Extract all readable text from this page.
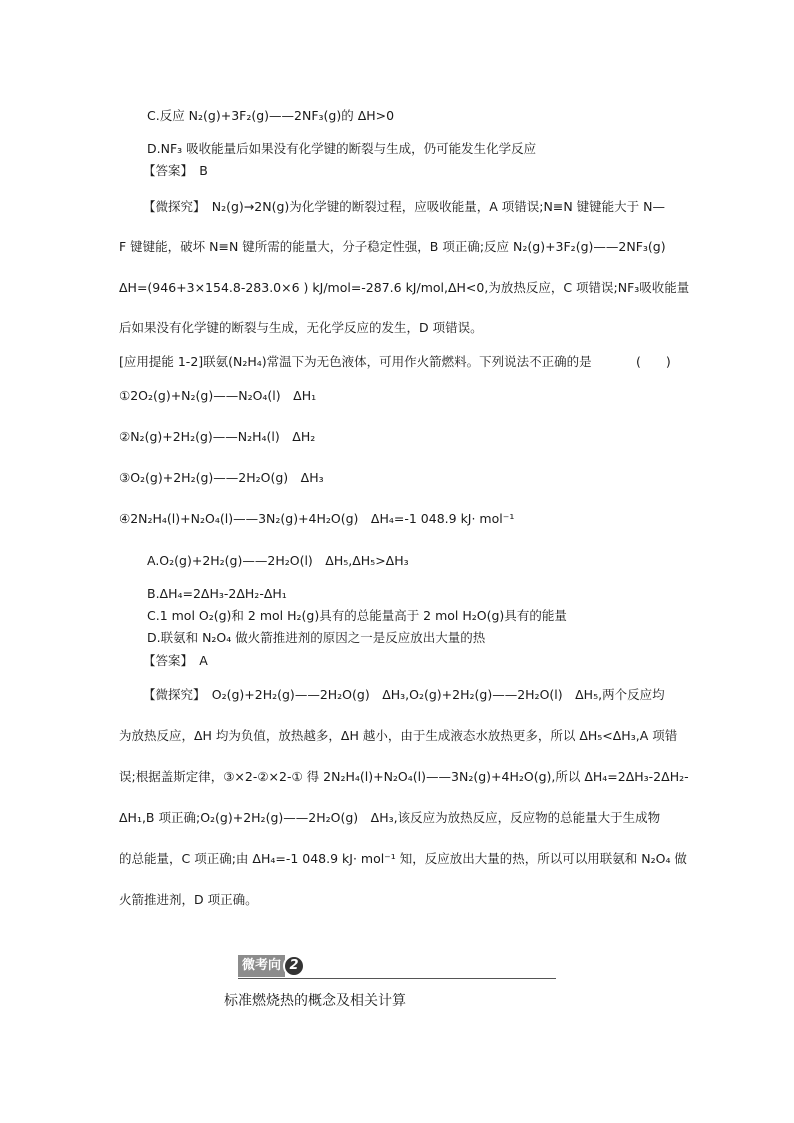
C.反应 N₂(g)+3F₂(g)——2NF₃(g)的 ΔH>0
D.NF₃ 吸收能量后如果没有化学键的断裂与生成，仍可能发生化学反应
【答案】　B
【微探究】　N₂(g)→2N(g)为化学键的断裂过程，应吸收能量，A 项错误;N≡N 键键能大于 N—
F 键键能，破坏 N≡N 键所需的能量大，分子稳定性强，B 项正确;反应 N₂(g)+3F₂(g)——2NF₃(g)
ΔH=(946+3×154.8-283.0×6 ) kJ/mol=-287.6 kJ/mol,ΔH<0,为放热反应，C 项错误;NF₃吸收能量
后如果没有化学键的断裂与生成，无化学反应的发生，D 项错误。
[应用提能 1-2]联氨(N₂H₄)常温下为无色液体，可用作火箭燃料。下列说法不正确的是	(　　)
①2O₂(g)+N₂(g)——N₂O₄(l)　ΔH₁
②N₂(g)+2H₂(g)——N₂H₄(l)　ΔH₂
③O₂(g)+2H₂(g)——2H₂O(g)　ΔH₃
④2N₂H₄(l)+N₂O₄(l)——3N₂(g)+4H₂O(g)　ΔH₄=-1 048.9 kJ· mol⁻¹
A.O₂(g)+2H₂(g)——2H₂O(l)　ΔH₅,ΔH₅>ΔH₃
B.ΔH₄=2ΔH₃-2ΔH₂-ΔH₁
C.1 mol O₂(g)和 2 mol H₂(g)具有的总能量高于 2 mol H₂O(g)具有的能量
D.联氨和 N₂O₄ 做火箭推进剂的原因之一是反应放出大量的热
【答案】　A
【微探究】　O₂(g)+2H₂(g)——2H₂O(g)　ΔH₃,O₂(g)+2H₂(g)——2H₂O(l)　ΔH₅,两个反应均
为放热反应，ΔH 均为负值，放热越多，ΔH 越小，由于生成液态水放热更多，所以 ΔH₅<ΔH₃,A 项错
误;根据盖斯定律，③×2-②×2-① 得 2N₂H₄(l)+N₂O₄(l)——3N₂(g)+4H₂O(g),所以 ΔH₄=2ΔH₃-2ΔH₂-
ΔH₁,B 项正确;O₂(g)+2H₂(g)——2H₂O(g)　ΔH₃,该反应为放热反应，反应物的总能量大于生成物
的总能量，C 项正确;由 ΔH₄=-1 048.9 kJ· mol⁻¹ 知，反应放出大量的热，所以可以用联氨和 N₂O₄ 做
火箭推进剂，D 项正确。
微考向 2
标准燃烧热的概念及相关计算
